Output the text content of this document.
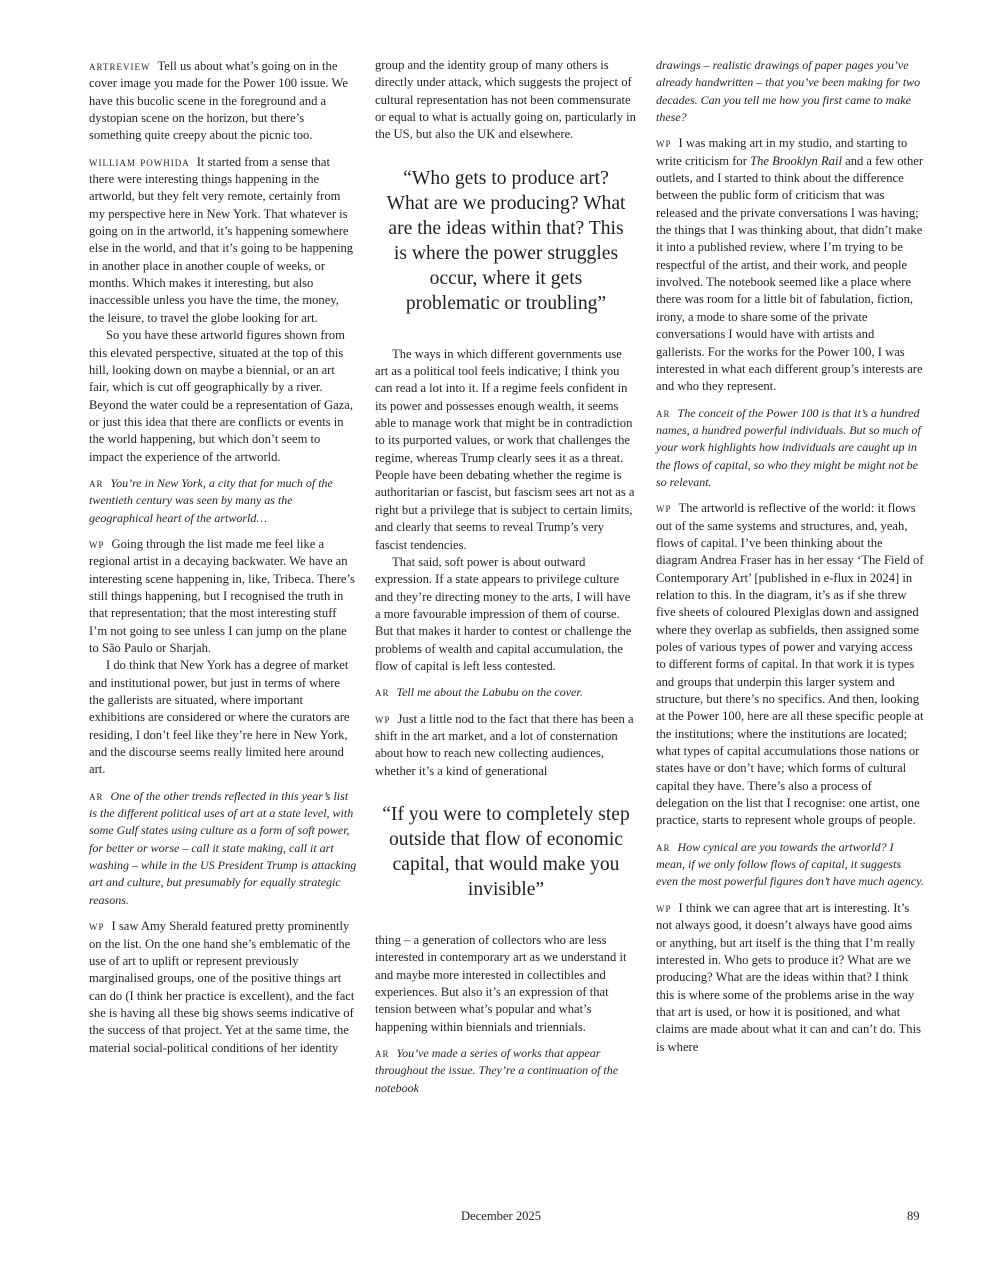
artreview Tell us about what’s going on in the cover image you made for the Power 100 issue. We have this bucolic scene in the foreground and a dystopian scene on the horizon, but there’s something quite creepy about the picnic too.

william powhida It started from a sense that there were interesting things happening in the artworld, but they felt very remote, certainly from my perspective here in New York. That whatever is going on in the artworld, it’s happening somewhere else in the world, and that it’s going to be happening in another place in another couple of weeks, or months. Which makes it interesting, but also inaccessible unless you have the time, the money, the leisure, to travel the globe looking for art.

So you have these artworld figures shown from this elevated perspective, situated at the top of this hill, looking down on maybe a biennial, or an art fair, which is cut off geographically by a river. Beyond the water could be a representation of Gaza, or just this idea that there are conflicts or events in the world happening, but which don’t seem to impact the experience of the artworld.

ar You’re in New York, a city that for much of the twentieth century was seen by many as the geographical heart of the artworld…

wp Going through the list made me feel like a regional artist in a decaying backwater. We have an interesting scene happening in, like, Tribeca. There’s still things happening, but I recognised the truth in that representation; that the most interesting stuff I’m not going to see unless I can jump on the plane to São Paulo or Sharjah.

I do think that New York has a degree of market and institutional power, but just in terms of where the gallerists are situated, where important exhibitions are considered or where the curators are residing, I don’t feel like they’re here in New York, and the discourse seems really limited here around art.

ar One of the other trends reflected in this year’s list is the different political uses of art at a state level, with some Gulf states using culture as a form of soft power, for better or worse – call it state making, call it art washing – while in the US President Trump is attacking art and culture, but presumably for equally strategic reasons.

wp I saw Amy Sherald featured pretty prominently on the list. On the one hand she’s emblematic of the use of art to uplift or represent previously marginalised groups, one of the positive things art can do (I think her practice is excellent), and the fact she is having all these big shows seems indicative of the success of that project. Yet at the same time, the material social-political conditions of her identity

group and the identity group of many others is directly under attack, which suggests the project of cultural representation has not been commensurate or equal to what is actually going on, particularly in the US, but also the UK and elsewhere.

“Who gets to produce art? What are we producing? What are the ideas within that? This is where the power struggles occur, where it gets problematic or troubling”

The ways in which different governments use art as a political tool feels indicative; I think you can read a lot into it. If a regime feels confident in its power and possesses enough wealth, it seems able to manage work that might be in contradiction to its purported values, or work that challenges the regime, whereas Trump clearly sees it as a threat. People have been debating whether the regime is authoritarian or fascist, but fascism sees art not as a right but a privilege that is subject to certain limits, and clearly that seems to reveal Trump’s very fascist tendencies.

That said, soft power is about outward expression. If a state appears to privilege culture and they’re directing money to the arts, I will have a more favourable impression of them of course. But that makes it harder to contest or challenge the problems of wealth and capital accumulation, the flow of capital is left less contested.

ar Tell me about the Labubu on the cover.

wp Just a little nod to the fact that there has been a shift in the art market, and a lot of consternation about how to reach new collecting audiences, whether it’s a kind of generational

“If you were to completely step outside that flow of economic capital, that would make you invisible”

thing – a generation of collectors who are less interested in contemporary art as we understand it and maybe more interested in collectibles and experiences. But also it’s an expression of that tension between what’s popular and what’s happening within biennials and triennials.

ar You’ve made a series of works that appear throughout the issue. They’re a continuation of the notebook

drawings – realistic drawings of paper pages you’ve already handwritten – that you’ve been making for two decades. Can you tell me how you first came to make these?

wp I was making art in my studio, and starting to write criticism for The Brooklyn Rail and a few other outlets, and I started to think about the difference between the public form of criticism that was released and the private conversations I was having; the things that I was thinking about, that didn’t make it into a published review, where I’m trying to be respectful of the artist, and their work, and people involved. The notebook seemed like a place where there was room for a little bit of fabulation, fiction, irony, a mode to share some of the private conversations I would have with artists and gallerists. For the works for the Power 100, I was interested in what each different group’s interests are and who they represent.

ar The conceit of the Power 100 is that it’s a hundred names, a hundred powerful individuals. But so much of your work highlights how individuals are caught up in the flows of capital, so who they might be might not be so relevant.

wp The artworld is reflective of the world: it flows out of the same systems and structures, and, yeah, flows of capital. I’ve been thinking about the diagram Andrea Fraser has in her essay ‘The Field of Contemporary Art’ [published in e-flux in 2024] in relation to this. In the diagram, it’s as if she threw five sheets of coloured Plexiglas down and assigned where they overlap as subfields, then assigned some poles of various types of power and varying access to different forms of capital. In that work it is types and groups that underpin this larger system and structure, but there’s no specifics. And then, looking at the Power 100, here are all these specific people at the institutions; where the institutions are located; what types of capital accumulations those nations or states have or don’t have; which forms of cultural capital they have. There’s also a process of delegation on the list that I recognise: one artist, one practice, starts to represent whole groups of people.

ar How cynical are you towards the artworld? I mean, if we only follow flows of capital, it suggests even the most powerful figures don’t have much agency.

wp I think we can agree that art is interesting. It’s not always good, it doesn’t always have good aims or anything, but art itself is the thing that I’m really interested in. Who gets to produce it? What are we producing? What are the ideas within that? I think this is where some of the problems arise in the way that art is used, or how it is positioned, and what claims are made about what it can and can’t do. This is where

December 2025	89
